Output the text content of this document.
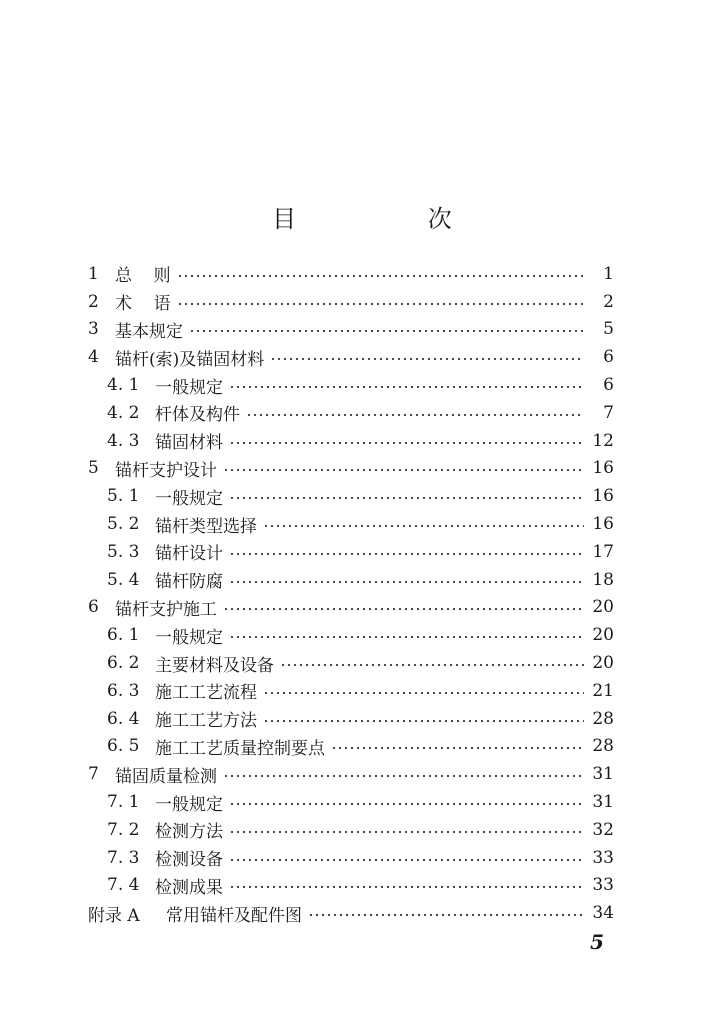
目 次
1 总    则	1
2 术    语	2
3 基本规定	5
4 锚杆(索)及锚固材料	6
4. 1 一般规定	6
4. 2 杆体及构件	7
4. 3 锚固材料	12
5 锚杆支护设计	16
5. 1 一般规定	16
5. 2 锚杆类型选择	16
5. 3 锚杆设计	17
5. 4 锚杆防腐	18
6 锚杆支护施工	20
6. 1 一般规定	20
6. 2 主要材料及设备	20
6. 3 施工工艺流程	21
6. 4 施工工艺方法	28
6. 5 施工工艺质量控制要点	28
7 锚固质量检测	31
7. 1 一般规定	31
7. 2 检测方法	32
7. 3 检测设备	33
7. 4 检测成果	33
附录 A	常用锚杆及配件图	34
5
